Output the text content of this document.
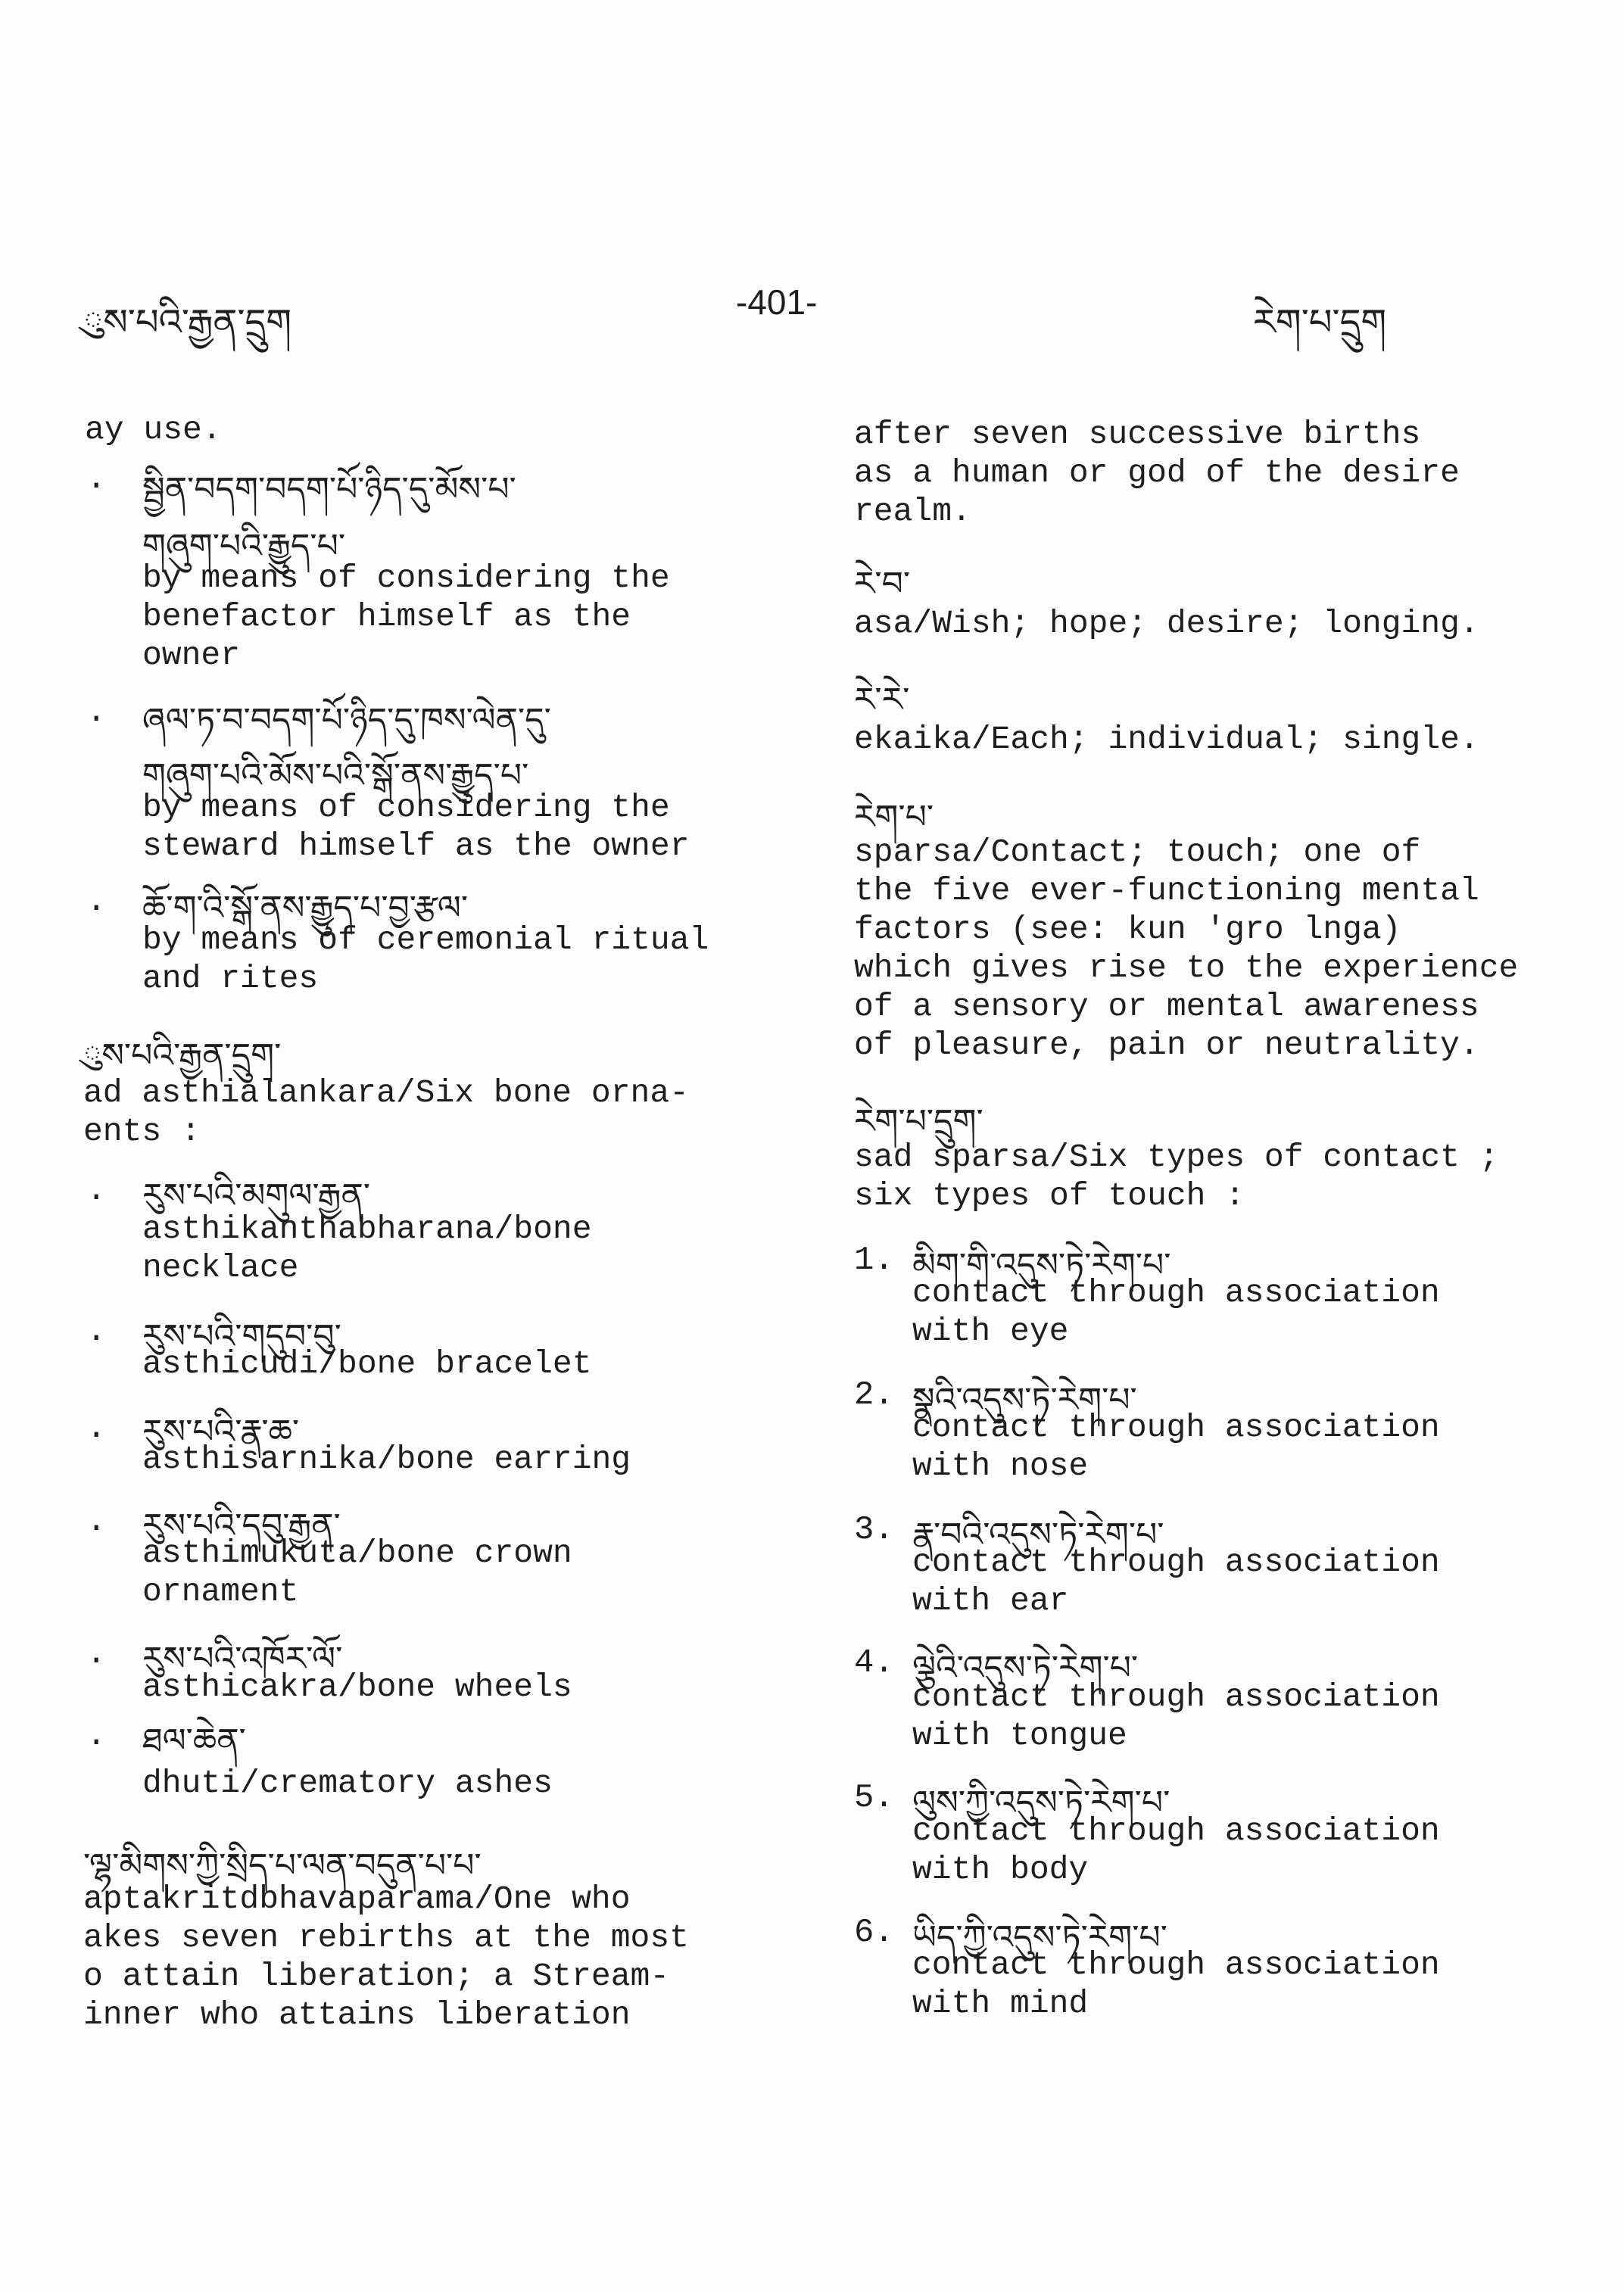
ུས་པའི་རྒྱན་དྲུག	-401-	རེག་པ་དྲུག
ay use.
. སྦྱིན་བདག་བདག་པོ་ཉིད་དུ་མོས་པ་
གཞུག་པའི་རྒྱུད་པ་
by means of considering the
benefactor himself as the
owner
. ཞལ་ཏ་བ་བདག་པོ་ཉིད་དུ་ཁས་ལེན་དུ་
གཞུག་པའི་མོས་པའི་སྒོ་ནས་རྒྱུད་པ་
by means of considering the
steward himself as the owner
. ཆོ་ག་འི་སྒོ་ནས་རྒྱུད་པ་བྱ་རྩལ་
by means of ceremonial ritual
and rites
ུས་པའི་རྒྱན་དྲུག་
ad asthialankara/Six bone orna-
ents :
. རུས་པའི་མགུལ་རྒྱན་
asthikanthabharana/bone
necklace
. རུས་པའི་གདུབ་བུ་
asthicudi/bone bracelet
. རུས་པའི་རྣ་ཆ་
asthisarnika/bone earring
. རུས་པའི་དབུ་རྒྱན་
asthimukuta/bone crown
ornament
. རུས་པའི་འཁོར་ལོ་
asthicakra/bone wheels
. ཐལ་ཆེན་
dhuti/crematory ashes
་ལྷ་མིགས་ཀྱི་སྲིད་པ་ལན་བདུན་པ་པ་
aptakritdbhavaparama/One who
akes seven rebirths at the most
o attain liberation; a Stream-
inner who attains liberation
after seven successive births
as a human or god of the desire
realm.
རེ་བ་
asa/Wish; hope; desire; longing.
རེ་རེ་
ekaika/Each; individual; single.
རེག་པ་
sparsa/Contact; touch; one of
the five ever-functioning mental
factors (see: kun 'gro lnga)
which gives rise to the experience
of a sensory or mental awareness
of pleasure, pain or neutrality.
རེག་པ་དྲུག་
sad sparsa/Six types of contact ;
six types of touch :
1. མིག་གི་འདུས་ཏེ་རེག་པ་
contact through association
with eye
2. སྣའི་འདུས་ཏེ་རེག་པ་
contact through association
with nose
3. རྣ་བའི་འདུས་ཏེ་རེག་པ་
contact through association
with ear
4. ལྕེའི་འདུས་ཏེ་རེག་པ་
contact through association
with tongue
5. ལུས་ཀྱི་འདུས་ཏེ་རེག་པ་
contact through association
with body
6. ཡིད་ཀྱི་འདུས་ཏེ་རེག་པ་
contact through association
with mind
